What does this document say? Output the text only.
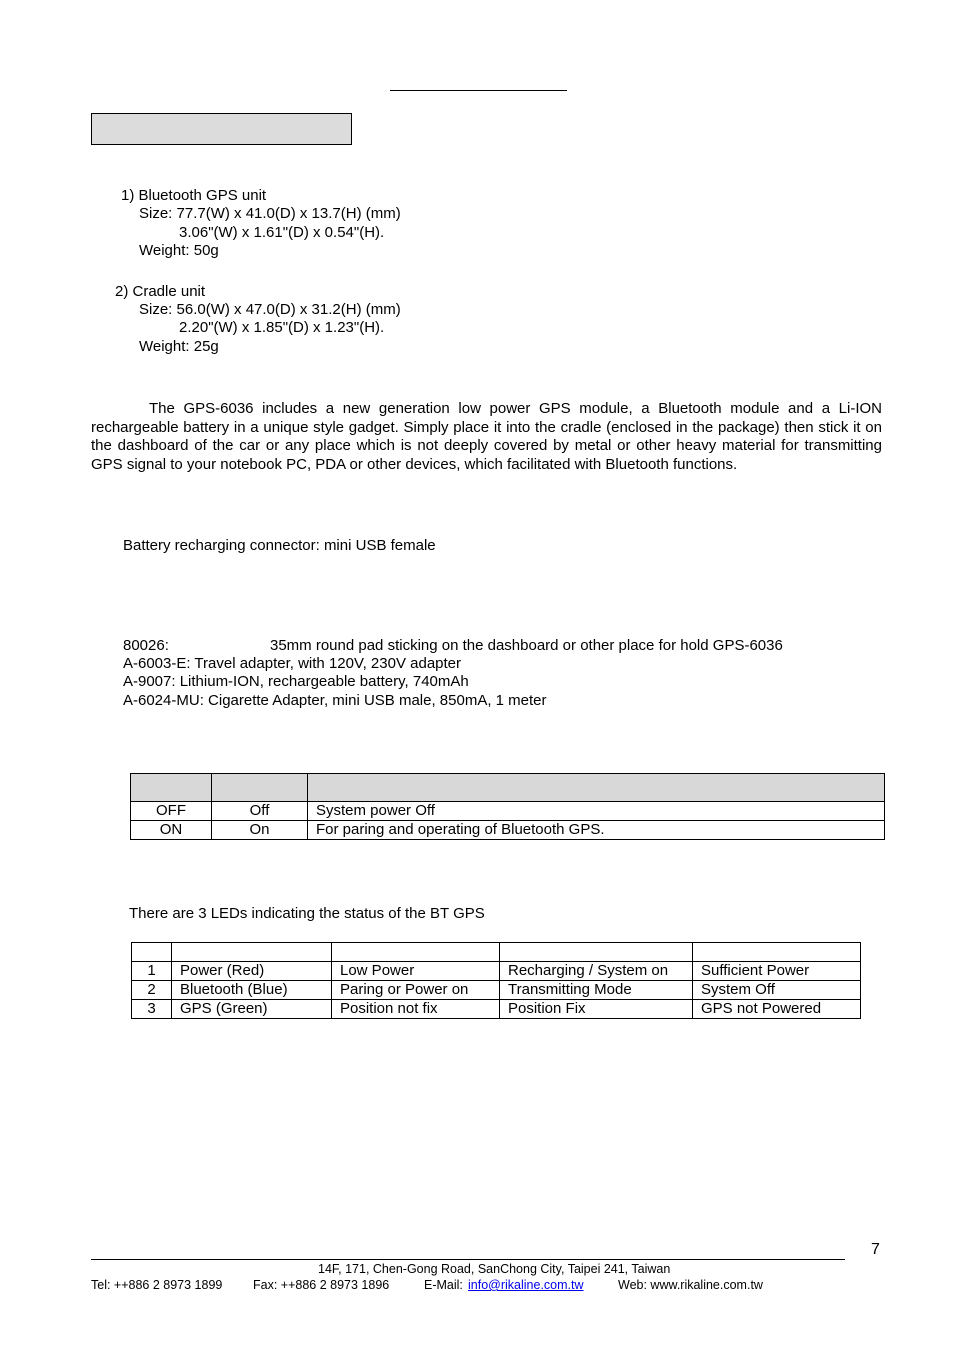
1) Bluetooth GPS unit
Size: 77.7(W) x 41.0(D) x 13.7(H) (mm)
3.06"(W) x 1.61"(D) x 0.54"(H).
Weight: 50g
2) Cradle unit
Size: 56.0(W) x 47.0(D) x 31.2(H) (mm)
2.20"(W) x 1.85"(D) x 1.23"(H).
Weight: 25g
The GPS-6036 includes a new generation low power GPS module, a Bluetooth module and a Li-ION rechargeable battery in a unique style gadget. Simply place it into the cradle (enclosed in the package) then stick it on the dashboard of the car or any place which is not deeply covered by metal or other heavy material for transmitting GPS signal to your notebook PC, PDA or other devices, which facilitated with Bluetooth functions.
Battery recharging connector: mini USB female
80026:	35mm round pad sticking on the dashboard or other place for hold GPS-6036
A-6003-E: Travel adapter, with 120V, 230V adapter
A-9007: Lithium-ION, rechargeable battery, 740mAh
A-6024-MU: Cigarette Adapter, mini USB male, 850mA, 1 meter

OFF	Off	System power Off
ON	On	For paring and operating of Bluetooth GPS.
There are 3 LEDs indicating the status of the BT GPS

1	Power (Red)	Low Power	Recharging / System on	Sufficient Power
2	Bluetooth (Blue)	Paring or Power on	Transmitting Mode	System Off
3	GPS (Green)	Position not fix	Position Fix	GPS not Powered
7
14F, 171, Chen-Gong Road, SanChong City, Taipei 241, Taiwan
Tel: ++886 2 8973 1899 Fax: ++886 2 8973 1896	E-Mail: info@rikaline.com.tw	Web: www.rikaline.com.tw
